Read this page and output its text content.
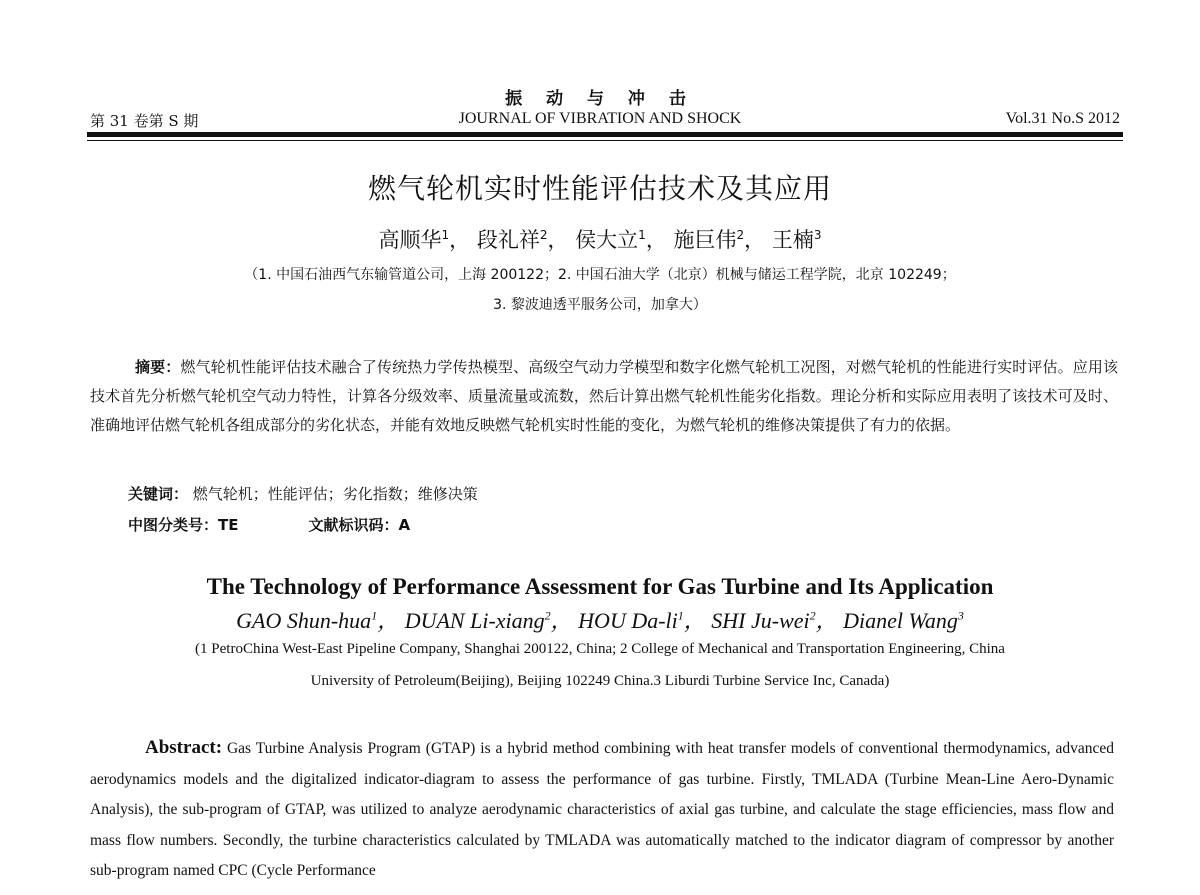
振 动 与 冲 击
第 31 卷第 S 期	JOURNAL OF VIBRATION AND SHOCK	Vol.31 No.S 2012
燃气轮机实时性能评估技术及其应用
高顺华$^1$， 段礼祥$^2$， 侯大立$^1$， 施巨伟$^2$， 王楠$^3$
（1. 中国石油西气东输管道公司，上海 200122；2. 中国石油大学（北京）机械与储运工程学院，北京 102249；
3. 黎波迪透平服务公司，加拿大）
摘要：燃气轮机性能评估技术融合了传统热力学传热模型、高级空气动力学模型和数字化燃气轮机工况图，对燃气轮机的性能进行实时评估。应用该技术首先分析燃气轮机空气动力特性，计算各分级效率、质量流量或流数，然后计算出燃气轮机性能劣化指数。理论分析和实际应用表明了该技术可及时、准确地评估燃气轮机各组成部分的劣化状态，并能有效地反映燃气轮机实时性能的变化，为燃气轮机的维修决策提供了有力的依据。
关键词： 燃气轮机；性能评估；劣化指数；维修决策
中图分类号：TE	文献标识码：A
The Technology of Performance Assessment for Gas Turbine and Its Application
GAO Shun-hua$^1$， DUAN Li-xiang$^2$， HOU $Da-li^1$， SHI Ju-wei$^2$， Dianel Wang$^3$
(1 PetroChina West-East Pipeline Company, Shanghai 200122, China; 2 College of Mechanical and Transportation Engineering, China
University of Petroleum(Beijing), Beijing 102249 China.3 Liburdi Turbine Service Inc, Canada)
Abstract: Gas Turbine Analysis Program (GTAP) is a hybrid method combining with heat transfer models of conventional thermodynamics, advanced aerodynamics models and the digitalized indicator-diagram to assess the performance of gas turbine. Firstly, TMLADA (Turbine Mean-Line Aero-Dynamic Analysis), the sub-program of GTAP, was utilized to analyze aerodynamic characteristics of axial gas turbine, and calculate the stage efficiencies, mass flow and mass flow numbers. Secondly, the turbine characteristics calculated by TMLADA was automatically matched to the indicator diagram of compressor by another sub-program named CPC (Cycle Performance
